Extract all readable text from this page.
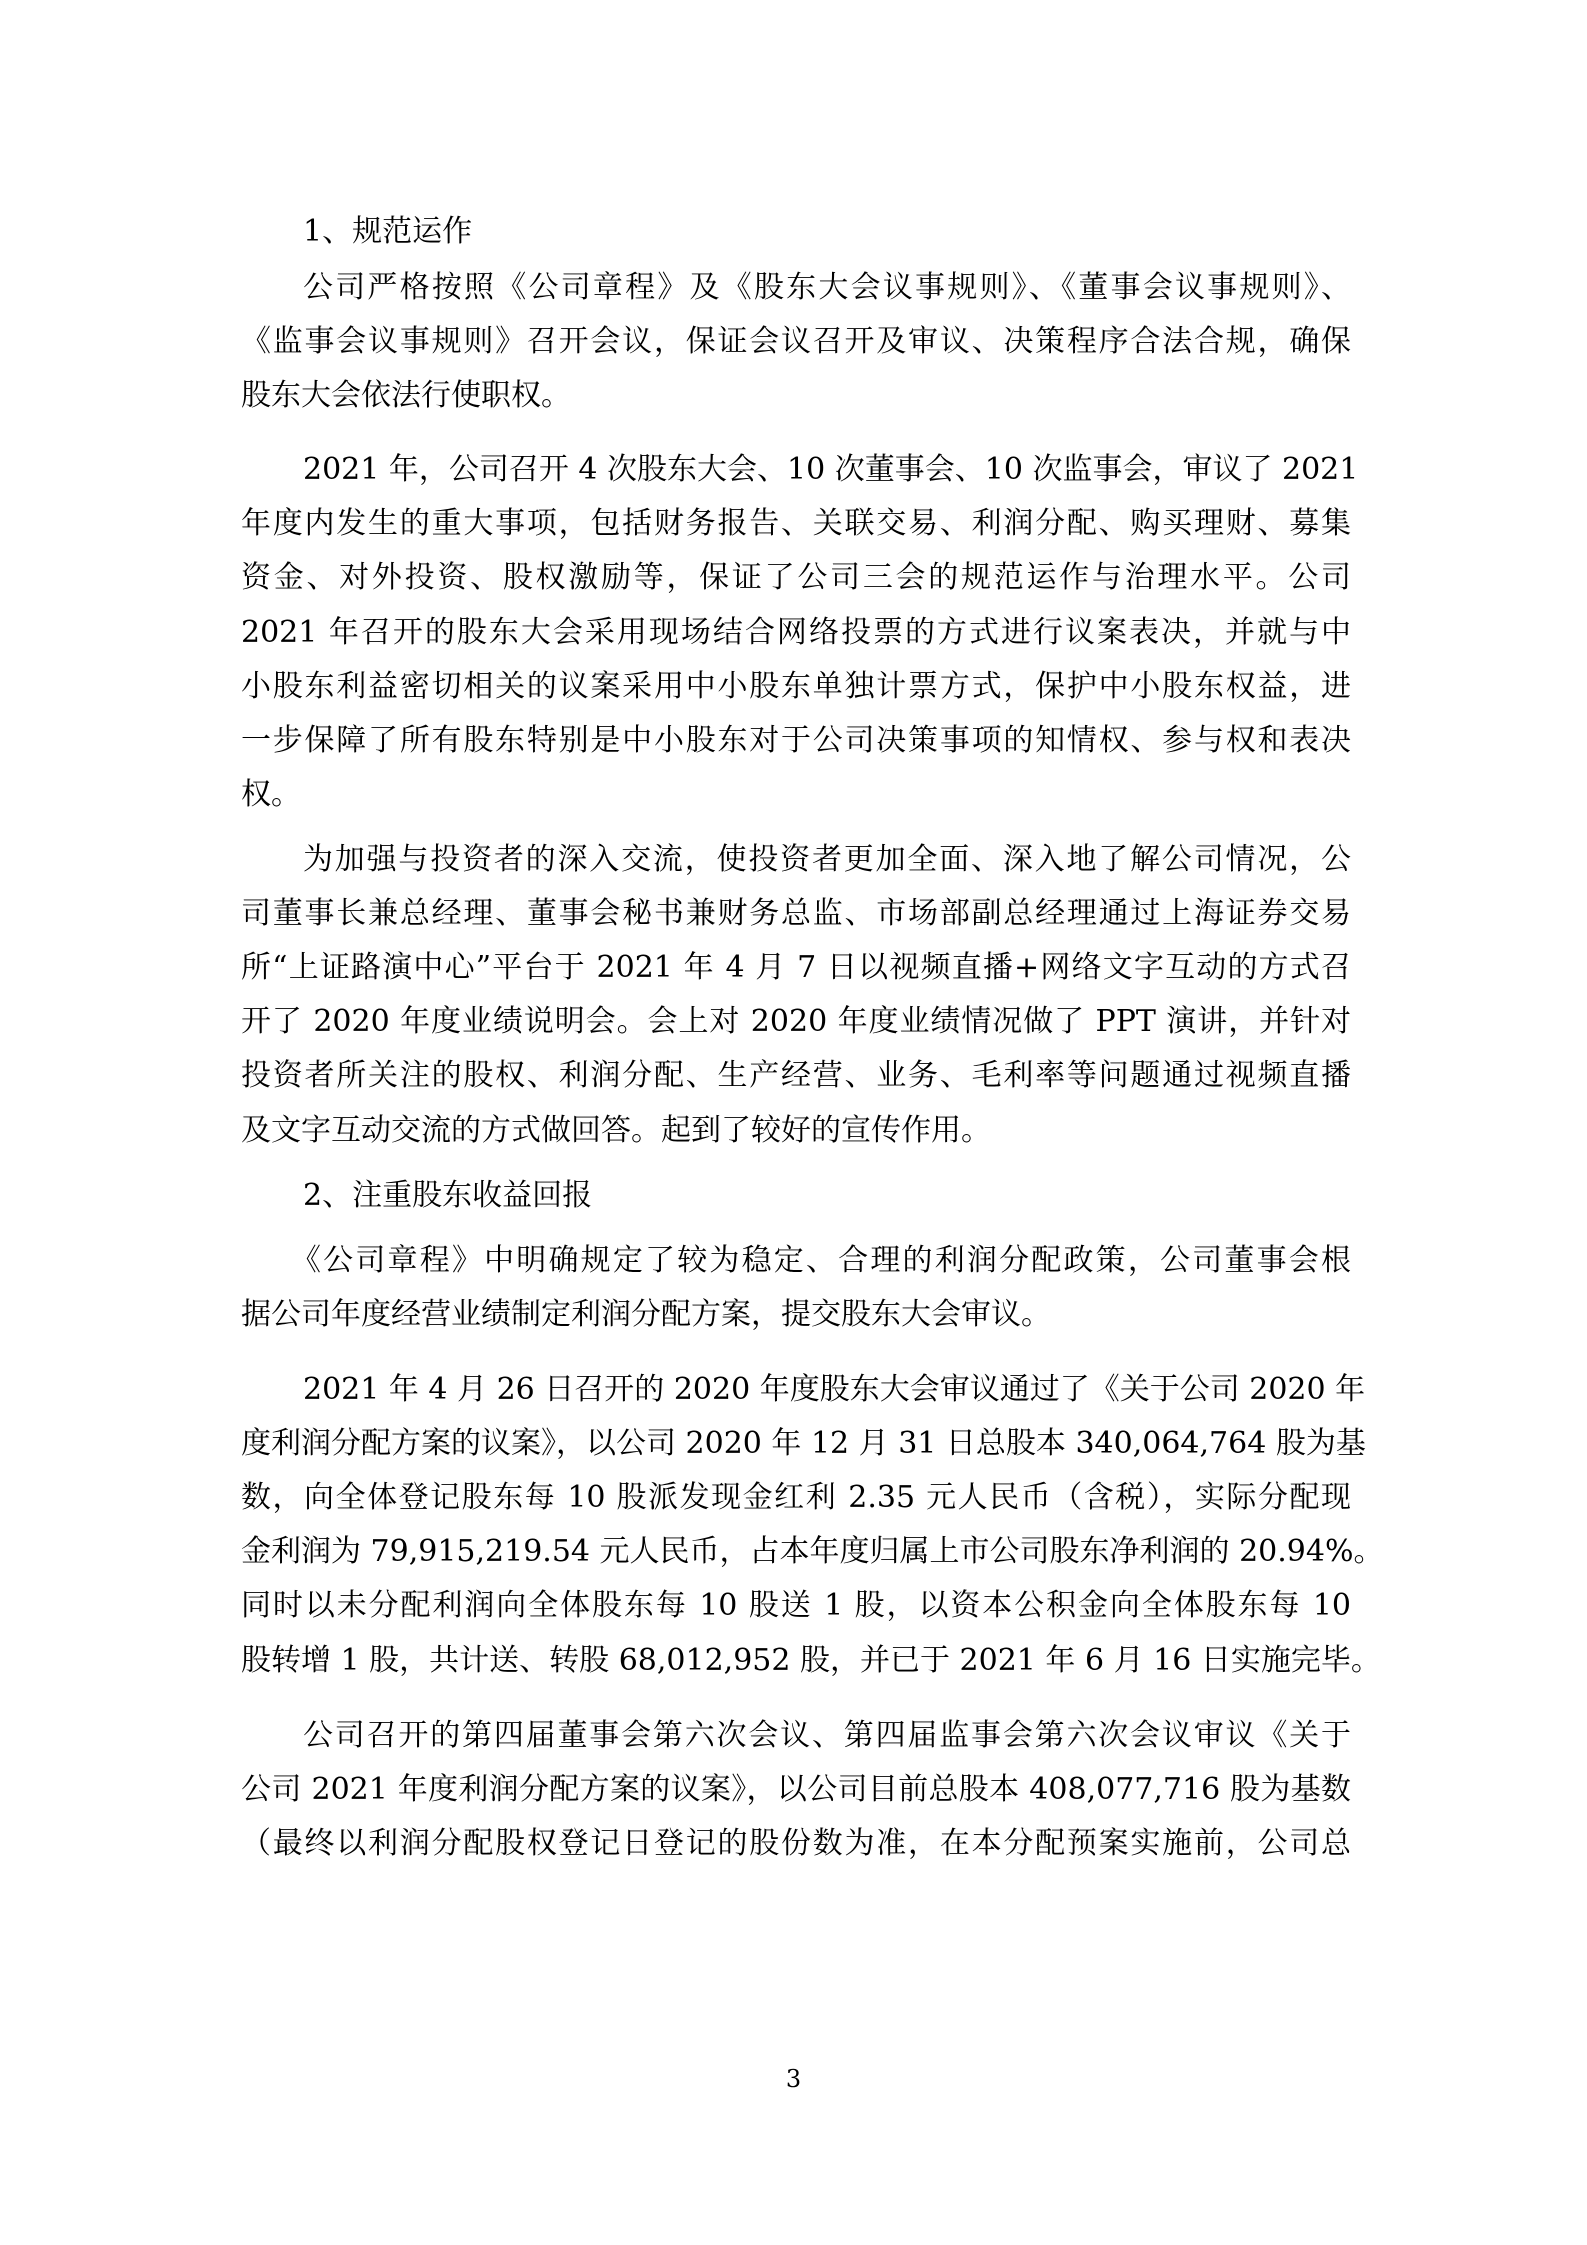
1、规范运作
公司严格按照《公司章程》及《股东大会议事规则》、《董事会议事规则》、
《监事会议事规则》召开会议，保证会议召开及审议、决策程序合法合规，确保
股东大会依法行使职权。
2021 年，公司召开 4 次股东大会、10 次董事会、10 次监事会，审议了 2021
年度内发生的重大事项，包括财务报告、关联交易、利润分配、购买理财、募集
资金、对外投资、股权激励等，保证了公司三会的规范运作与治理水平。公司
2021 年召开的股东大会采用现场结合网络投票的方式进行议案表决，并就与中
小股东利益密切相关的议案采用中小股东单独计票方式，保护中小股东权益，进
一步保障了所有股东特别是中小股东对于公司决策事项的知情权、参与权和表决
权。
为加强与投资者的深入交流，使投资者更加全面、深入地了解公司情况，公
司董事长兼总经理、董事会秘书兼财务总监、市场部副总经理通过上海证券交易
所“上证路演中心”平台于 2021 年 4 月 7 日以视频直播+网络文字互动的方式召
开了 2020 年度业绩说明会。会上对 2020 年度业绩情况做了 PPT 演讲，并针对
投资者所关注的股权、利润分配、生产经营、业务、毛利率等问题通过视频直播
及文字互动交流的方式做回答。起到了较好的宣传作用。
2、注重股东收益回报
《公司章程》中明确规定了较为稳定、合理的利润分配政策，公司董事会根
据公司年度经营业绩制定利润分配方案，提交股东大会审议。
2021 年 4 月 26 日召开的 2020 年度股东大会审议通过了《关于公司 2020 年
度利润分配方案的议案》，以公司 2020 年 12 月 31 日总股本 340,064,764 股为基
数，向全体登记股东每 10 股派发现金红利 2.35 元人民币（含税），实际分配现
金利润为 79,915,219.54 元人民币，占本年度归属上市公司股东净利润的 20.94%。
同时以未分配利润向全体股东每 10 股送 1 股，以资本公积金向全体股东每 10
股转增 1 股，共计送、转股 68,012,952 股，并已于 2021 年 6 月 16 日实施完毕。
公司召开的第四届董事会第六次会议、第四届监事会第六次会议审议《关于
公司 2021 年度利润分配方案的议案》，以公司目前总股本 408,077,716 股为基数
（最终以利润分配股权登记日登记的股份数为准，在本分配预案实施前，公司总
3
